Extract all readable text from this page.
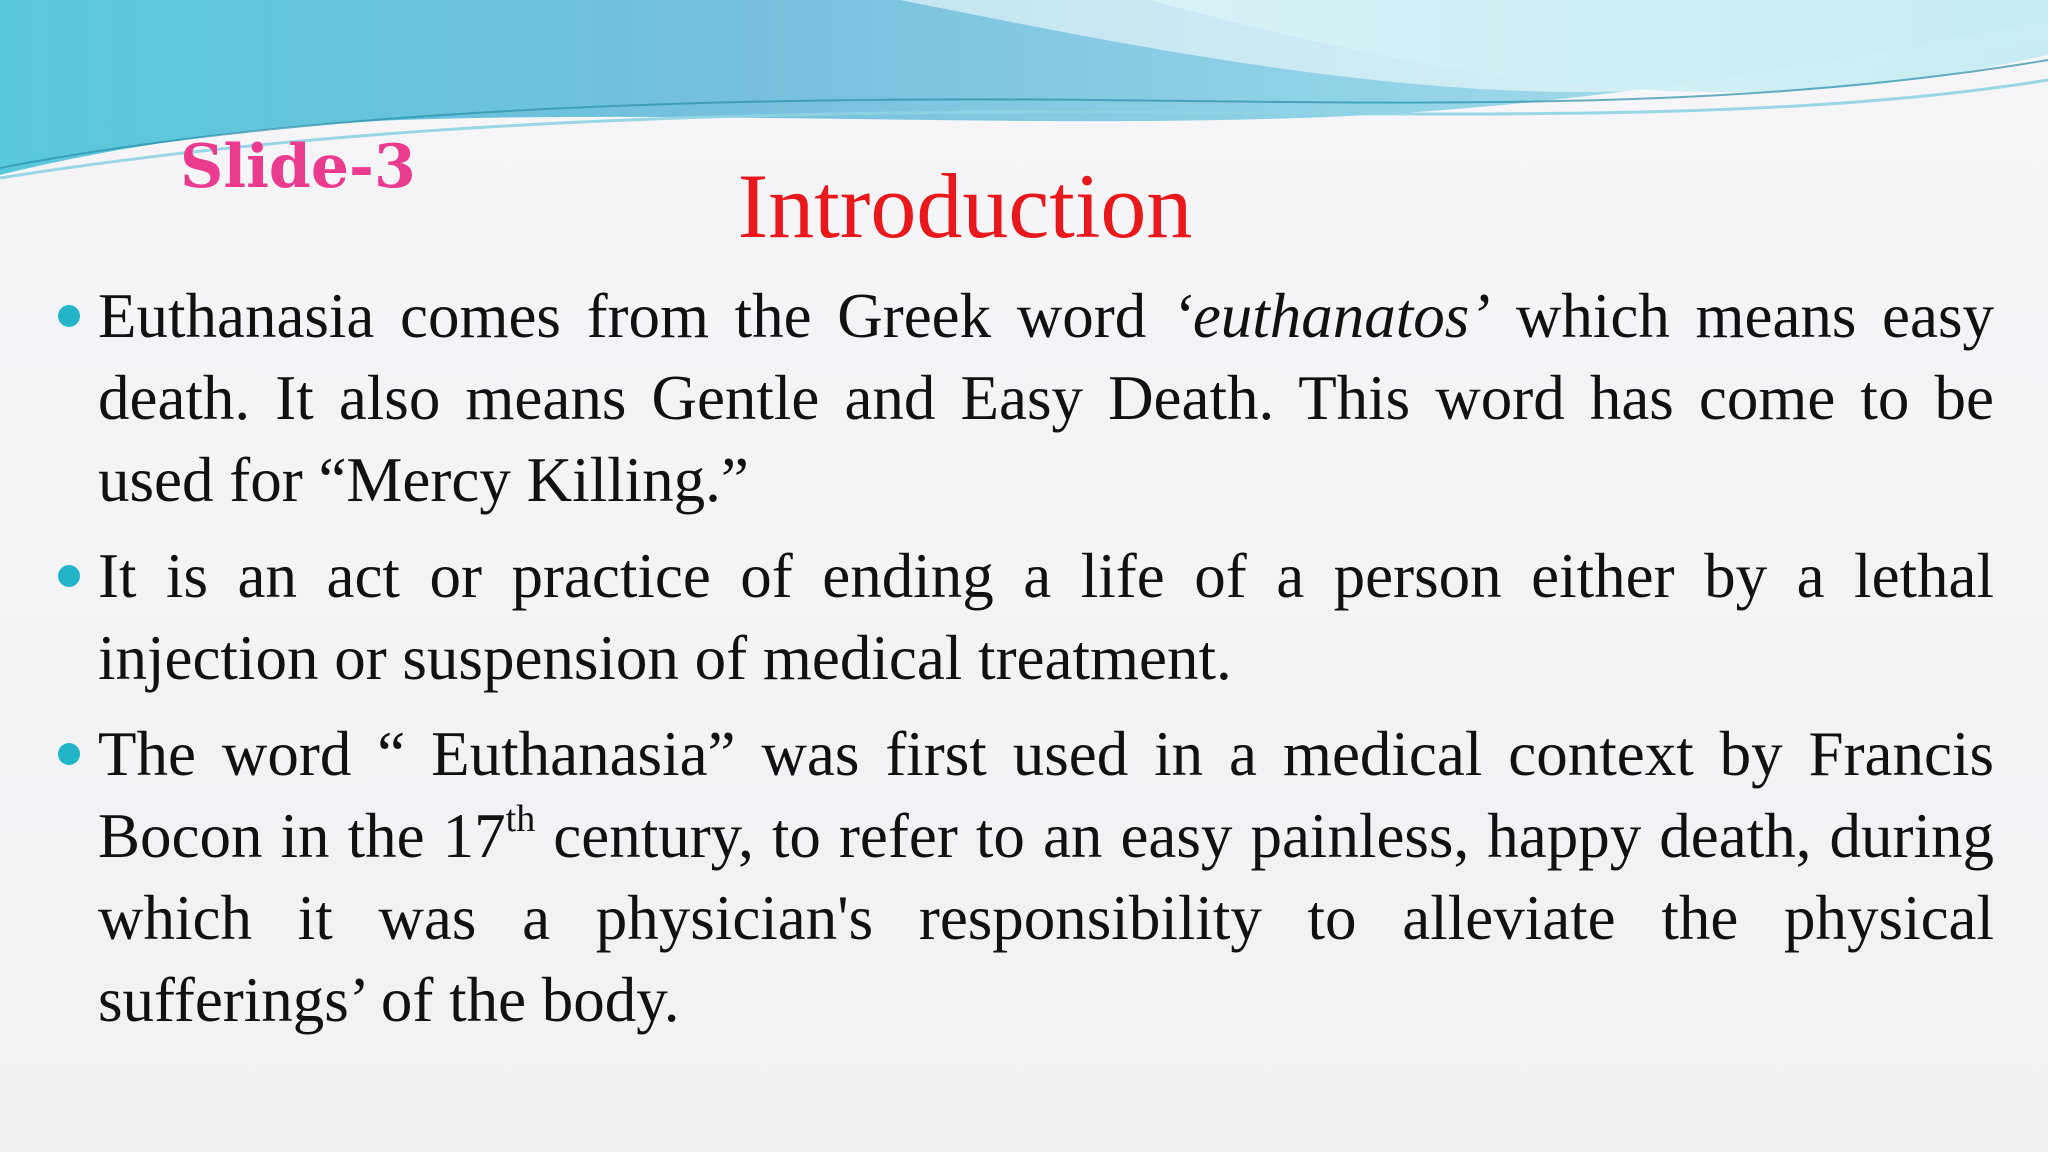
Slide-3	Introduction
Euthanasia comes from the Greek word ‘euthanatos’ which means easy death. It also means Gentle and Easy Death. This word has come to be used for “Mercy Killing.”
It is an act or practice of ending a life of a person either by a lethal injection or suspension of medical treatment.
The word “ Euthanasia” was first used in a medical context by Francis Bocon in the 17th century, to refer to an easy painless, happy death, during which it was a physician's responsibility to alleviate the physical sufferings’ of the body.
